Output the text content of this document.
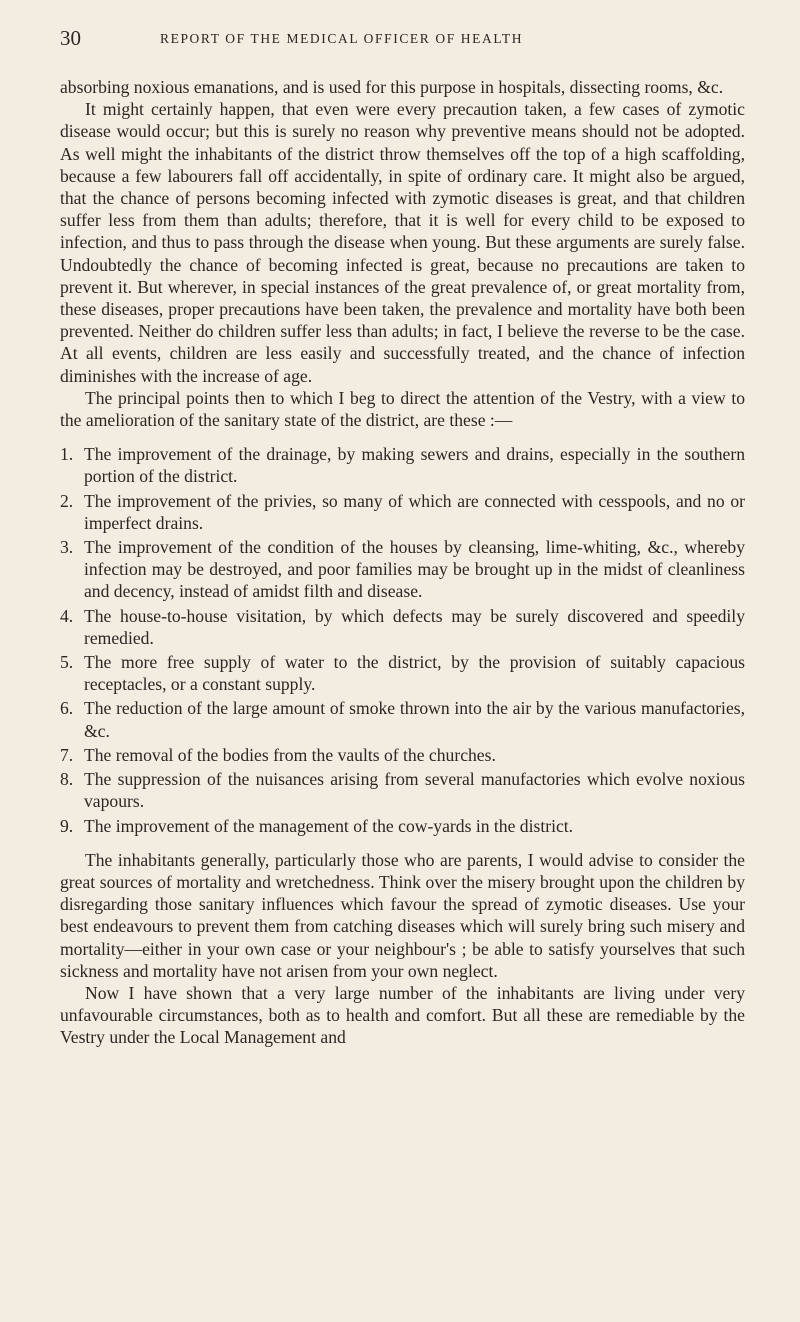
30	REPORT OF THE MEDICAL OFFICER OF HEALTH

absorbing noxious emanations, and is used for this purpose in hospitals, dissecting rooms, &c.

It might certainly happen, that even were every precaution taken, a few cases of zymotic disease would occur; but this is surely no reason why preventive means should not be adopted. As well might the inhabitants of the district throw themselves off the top of a high scaffolding, because a few labourers fall off accidentally, in spite of ordinary care. It might also be argued, that the chance of persons becoming infected with zymotic diseases is great, and that children suffer less from them than adults; therefore, that it is well for every child to be exposed to infection, and thus to pass through the disease when young. But these arguments are surely false. Undoubtedly the chance of becoming infected is great, because no precautions are taken to prevent it. But wherever, in special instances of the great prevalence of, or great mortality from, these diseases, proper precautions have been taken, the prevalence and mortality have both been prevented. Neither do children suffer less than adults; in fact, I believe the reverse to be the case. At all events, children are less easily and successfully treated, and the chance of infection diminishes with the increase of age.

The principal points then to which I beg to direct the attention of the Vestry, with a view to the amelioration of the sanitary state of the district, are these :—

1. The improvement of the drainage, by making sewers and drains, especially in the southern portion of the district.
2. The improvement of the privies, so many of which are connected with cesspools, and no or imperfect drains.
3. The improvement of the condition of the houses by cleansing, lime-whiting, &c., whereby infection may be destroyed, and poor families may be brought up in the midst of cleanliness and decency, instead of amidst filth and disease.
4. The house-to-house visitation, by which defects may be surely discovered and speedily remedied.
5. The more free supply of water to the district, by the provision of suitably capacious receptacles, or a constant supply.
6. The reduction of the large amount of smoke thrown into the air by the various manufactories, &c.
7. The removal of the bodies from the vaults of the churches.
8. The suppression of the nuisances arising from several manufactories which evolve noxious vapours.
9. The improvement of the management of the cow-yards in the district.

The inhabitants generally, particularly those who are parents, I would advise to consider the great sources of mortality and wretchedness. Think over the misery brought upon the children by disregarding those sanitary influences which favour the spread of zymotic diseases. Use your best endeavours to prevent them from catching diseases which will surely bring such misery and mortality—either in your own case or your neighbour's ; be able to satisfy yourselves that such sickness and mortality have not arisen from your own neglect.

Now I have shown that a very large number of the inhabitants are living under very unfavourable circumstances, both as to health and comfort. But all these are remediable by the Vestry under the Local Management and
